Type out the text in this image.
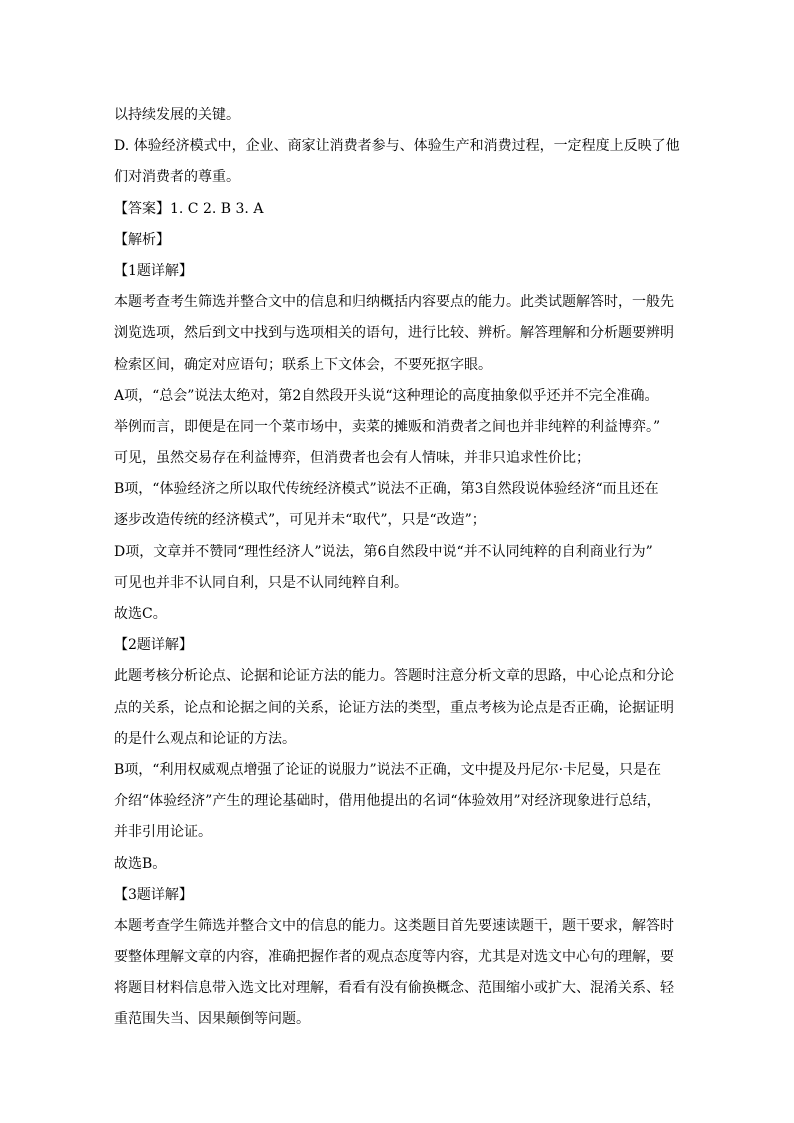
以持续发展的关键。
D. 体验经济模式中，企业、商家让消费者参与、体验生产和消费过程，一定程度上反映了他
们对消费者的尊重。
【答案】1. C 2. B 3. A
【解析】
【1题详解】
本题考查考生筛选并整合文中的信息和归纳概括内容要点的能力。此类试题解答时，一般先
浏览选项，然后到文中找到与选项相关的语句，进行比较、辨析。解答理解和分析题要辨明
检索区间，确定对应语句；联系上下文体会，不要死抠字眼。
A项，“总会”说法太绝对，第2自然段开头说“这种理论的高度抽象似乎还并不完全准确。
举例而言，即便是在同一个菜市场中，卖菜的摊贩和消费者之间也并非纯粹的利益博弈。”
可见，虽然交易存在利益博弈，但消费者也会有人情味，并非只追求性价比；
B项，“体验经济之所以取代传统经济模式”说法不正确，第3自然段说体验经济“而且还在
逐步改造传统的经济模式”，可见并未“取代”，只是“改造”；
D项，文章并不赞同“理性经济人”说法，第6自然段中说“并不认同纯粹的自利商业行为”
可见也并非不认同自利，只是不认同纯粹自利。
故选C。
【2题详解】
此题考核分析论点、论据和论证方法的能力。答题时注意分析文章的思路，中心论点和分论
点的关系，论点和论据之间的关系，论证方法的类型，重点考核为论点是否正确，论据证明
的是什么观点和论证的方法。
B项，“利用权威观点增强了论证的说服力”说法不正确，文中提及丹尼尔·卡尼曼，只是在
介绍“体验经济”产生的理论基础时，借用他提出的名词“体验效用”对经济现象进行总结，
并非引用论证。
故选B。
【3题详解】
本题考查学生筛选并整合文中的信息的能力。这类题目首先要速读题干，题干要求，解答时
要整体理解文章的内容，准确把握作者的观点态度等内容，尤其是对选文中心句的理解，要
将题目材料信息带入选文比对理解，看看有没有偷换概念、范围缩小或扩大、混淆关系、轻
重范围失当、因果颠倒等问题。
